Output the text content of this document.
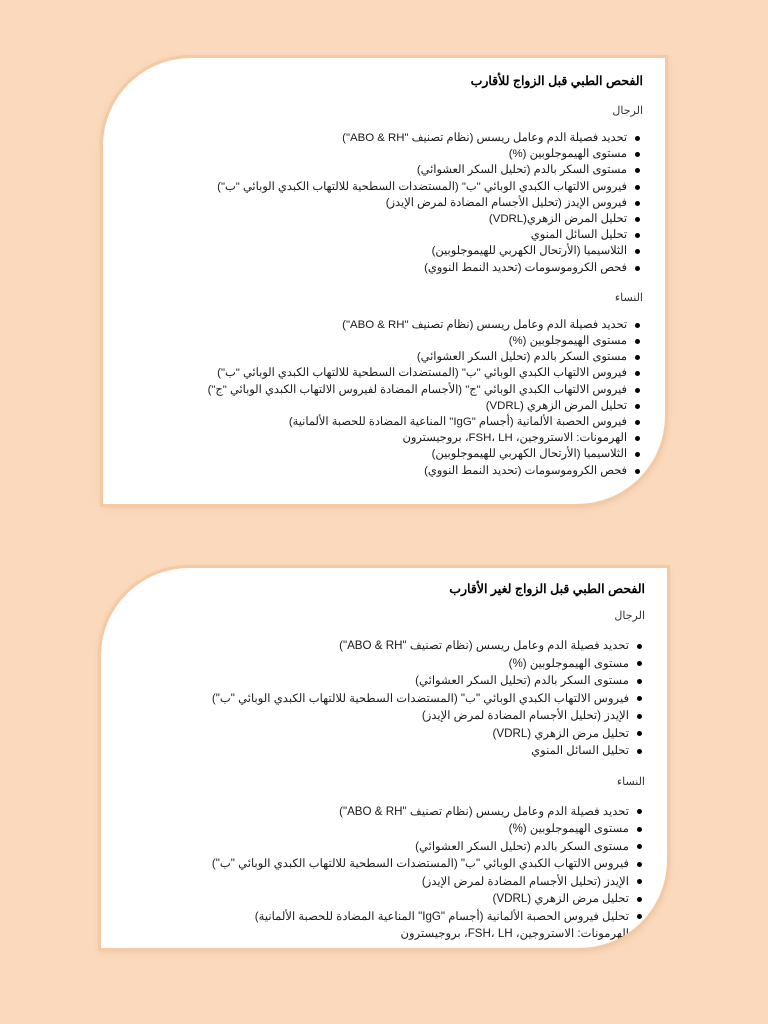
الفحص الطبي قبل الزواج للأقارب
الرجال
تحديد فصيلة الدم وعامل ريسس (نظام تصنيف "ABO & RH")
مستوى الهيموجلوبين (%)
مستوى السكر بالدم (تحليل السكر العشوائي)
فيروس الالتهاب الكبدي الوبائي "ب" (المستضدات السطحية للالتهاب الكبدي الوبائي "ب")
فيروس الإيدز (تحليل الأجسام المضادة لمرض الإيدز)
تحليل المرض الزهري(VDRL)
تحليل السائل المنوي
الثلاسيميا (الأرتحال الكهربي للهيموجلوبين)
فحص الكروموسومات (تحديد النمط النووي)
النساء
تحديد فصيلة الدم وعامل ريسس (نظام تصنيف "ABO & RH")
مستوى الهيموجلوبين (%)
مستوى السكر بالدم (تحليل السكر العشوائي)
فيروس الالتهاب الكبدي الوبائي "ب" (المستضدات السطحية للالتهاب الكبدي الوبائي "ب")
فيروس الالتهاب الكبدي الوبائي "ج" (الأجسام المضادة لفيروس الالتهاب الكبدي الوبائي "ج")
تحليل المرض الزهري (VDRL)
فيروس الحصبة الألمانية (أجسام "IgG" المناعية المضادة للحصبة الألمانية)
الهرمونات: الاستروجين، FSH، LH، بروجيسترون
الثلاسيميا (الأرتحال الكهربي للهيموجلوبين)
فحص الكروموسومات (تحديد النمط النووي)
الفحص الطبي قبل الزواج لغير الأقارب
الرجال
تحديد فصيلة الدم وعامل ريسس (نظام تصنيف "ABO & RH")
مستوى الهيموجلوبين (%)
مستوى السكر بالدم (تحليل السكر العشوائي)
فيروس الالتهاب الكبدي الوبائي "ب" (المستضدات السطحية للالتهاب الكبدي الوبائي "ب")
الإيدز (تحليل الأجسام المضادة لمرض الإيدز)
تحليل مرض الزهري (VDRL)
تحليل السائل المنوي
النساء
تحديد فصيلة الدم وعامل ريسس (نظام تصنيف "ABO & RH")
مستوى الهيموجلوبين (%)
مستوى السكر بالدم (تحليل السكر العشوائي)
فيروس الالتهاب الكبدي الوبائي "ب" (المستضدات السطحية للالتهاب الكبدي الوبائي "ب")
الإيدز (تحليل الأجسام المضادة لمرض الإيدز)
تحليل مرض الزهري (VDRL)
تحليل فيروس الحصبة الألمانية (أجسام "IgG" المناعية المضادة للحصبة الألمانية)
الهرمونات: الاستروجين، FSH، LH، بروجيسترون
